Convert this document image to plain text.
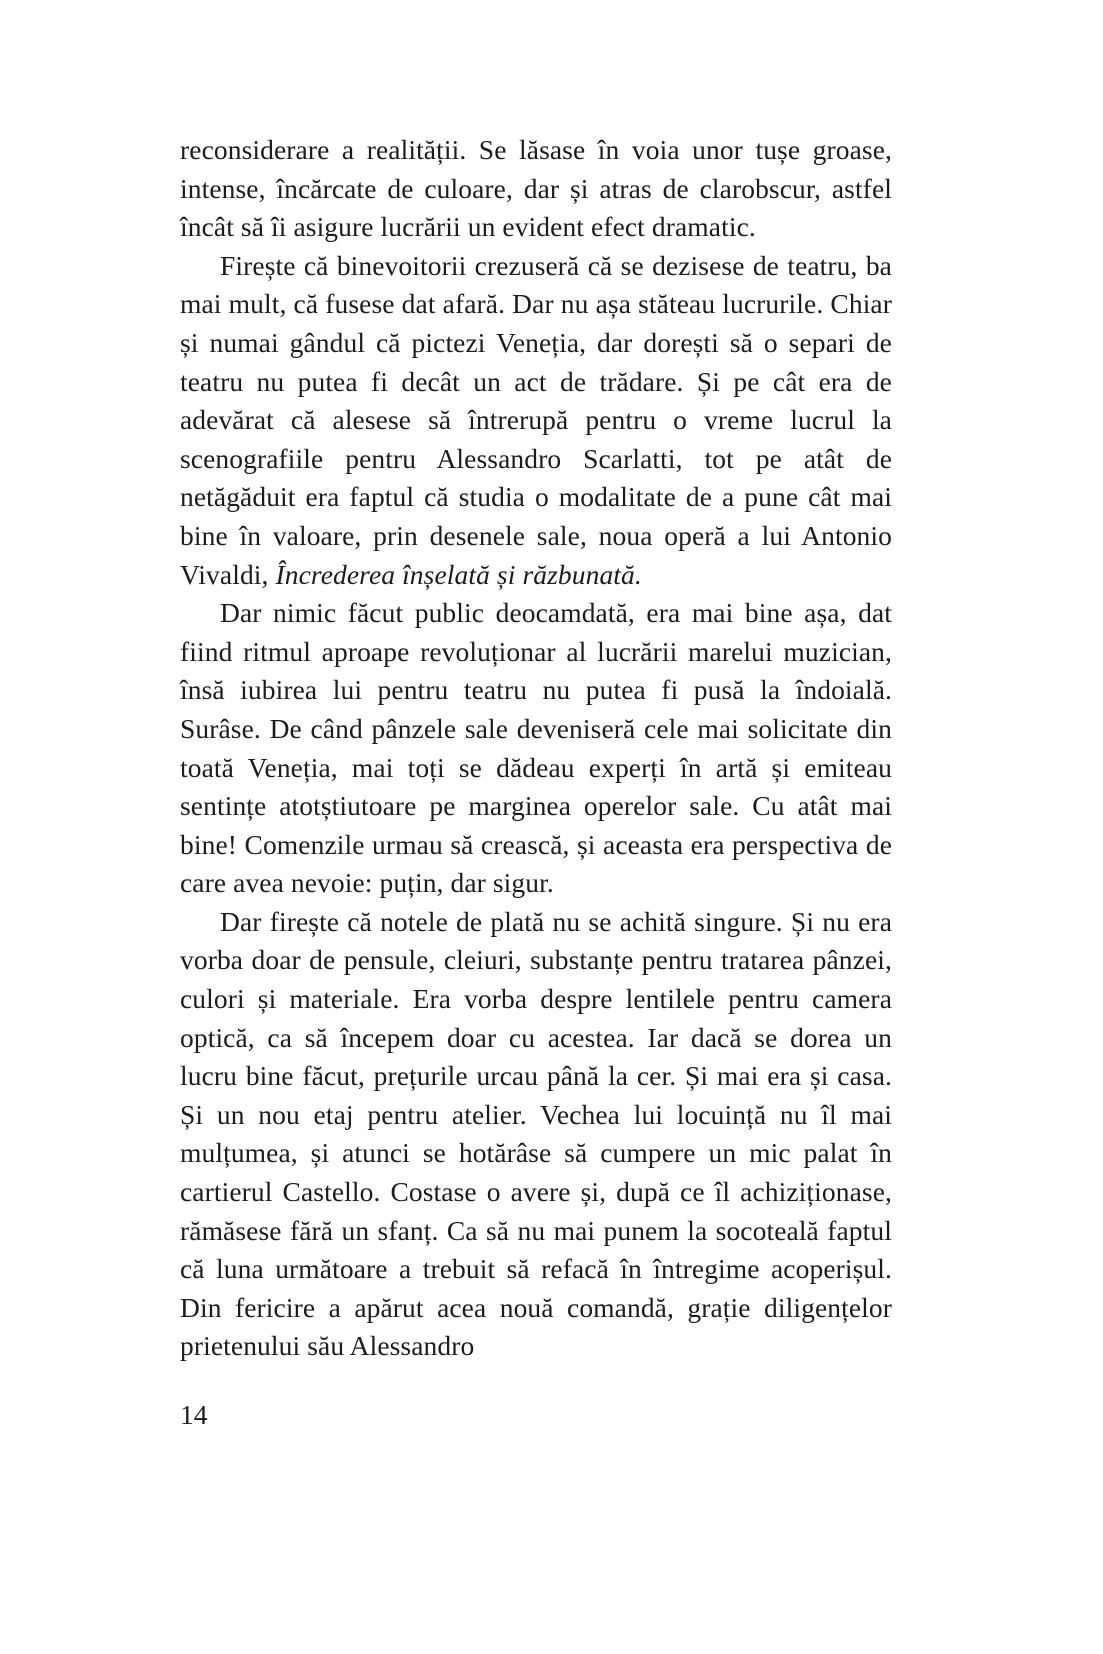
reconsiderare a realității. Se lăsase în voia unor tușe groase, intense, încărcate de culoare, dar și atras de clarobscur, astfel încât să îi asigure lucrării un evident efect dramatic.

Firește că binevoitorii crezuseră că se dezisese de teatru, ba mai mult, că fusese dat afară. Dar nu așa stăteau lucrurile. Chiar și numai gândul că pictezi Veneția, dar dorești să o separi de teatru nu putea fi decât un act de trădare. Și pe cât era de adevărat că alesese să întrerupă pentru o vreme lucrul la scenografiile pentru Alessandro Scarlatti, tot pe atât de netăgăduit era faptul că studia o modalitate de a pune cât mai bine în valoare, prin desenele sale, noua operă a lui Antonio Vivaldi, Încrederea înșelată și răzbunată.

Dar nimic făcut public deocamdată, era mai bine așa, dat fiind ritmul aproape revoluționar al lucrării marelui muzician, însă iubirea lui pentru teatru nu putea fi pusă la îndoială. Surâse. De când pânzele sale deveniseră cele mai solicitate din toată Veneția, mai toți se dădeau experți în artă și emiteau sentințe atotștiutoare pe marginea operelor sale. Cu atât mai bine! Comenzile urmau să crească, și aceasta era perspectiva de care avea nevoie: puțin, dar sigur.

Dar firește că notele de plată nu se achită singure. Și nu era vorba doar de pensule, cleiuri, substanțe pentru tratarea pânzei, culori și materiale. Era vorba despre lentilele pentru camera optică, ca să începem doar cu acestea. Iar dacă se dorea un lucru bine făcut, prețurile urcau până la cer. Și mai era și casa. Și un nou etaj pentru atelier. Vechea lui locuință nu îl mai mulțumea, și atunci se hotărâse să cumpere un mic palat în cartierul Castello. Costase o avere și, după ce îl achiziționase, rămăsese fără un sfanț. Ca să nu mai punem la socoteală faptul că luna următoare a trebuit să refacă în întregime acoperișul. Din fericire a apărut acea nouă comandă, grație diligențelor prietenului său Alessandro

14
